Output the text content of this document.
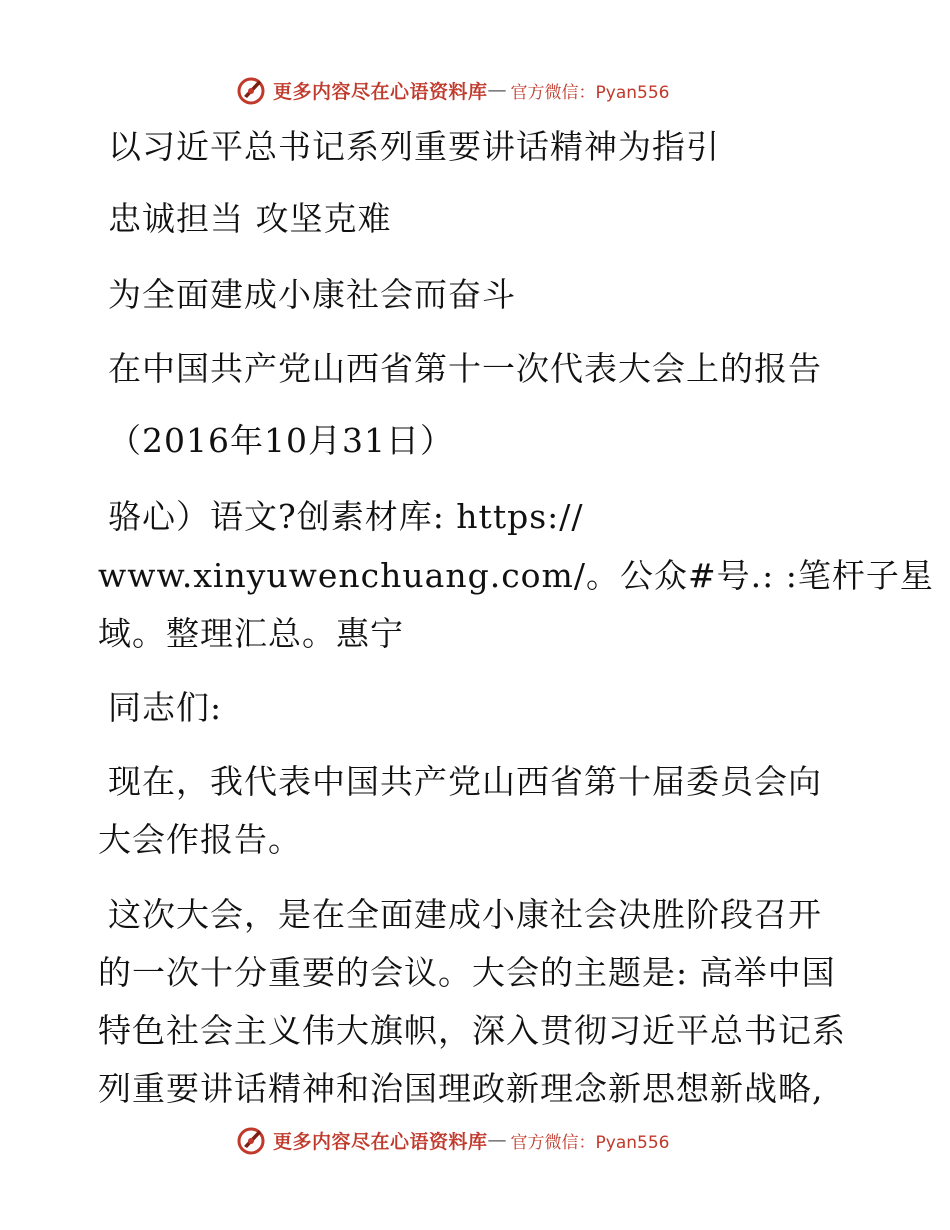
更多内容尽在心语资料库 — 官方微信：Pyan556
以习近平总书记系列重要讲话精神为指引
忠诚担当 攻坚克难
为全面建成小康社会而奋斗
在中国共产党山西省第十一次代表大会上的报告
（2016年10月31日）
骆心）语文?创素材库: https://
www.xinyuwenchuang.com/。公众#号.: :笔杆子星
域。整理汇总。惠宁
同志们:
现在，我代表中国共产党山西省第十届委员会向
大会作报告。
这次大会，是在全面建成小康社会决胜阶段召开
的一次十分重要的会议。大会的主题是: 高举中国
特色社会主义伟大旗帜，深入贯彻习近平总书记系
列重要讲话精神和治国理政新理念新思想新战略,
更多内容尽在心语资料库 — 官方微信：Pyan556
